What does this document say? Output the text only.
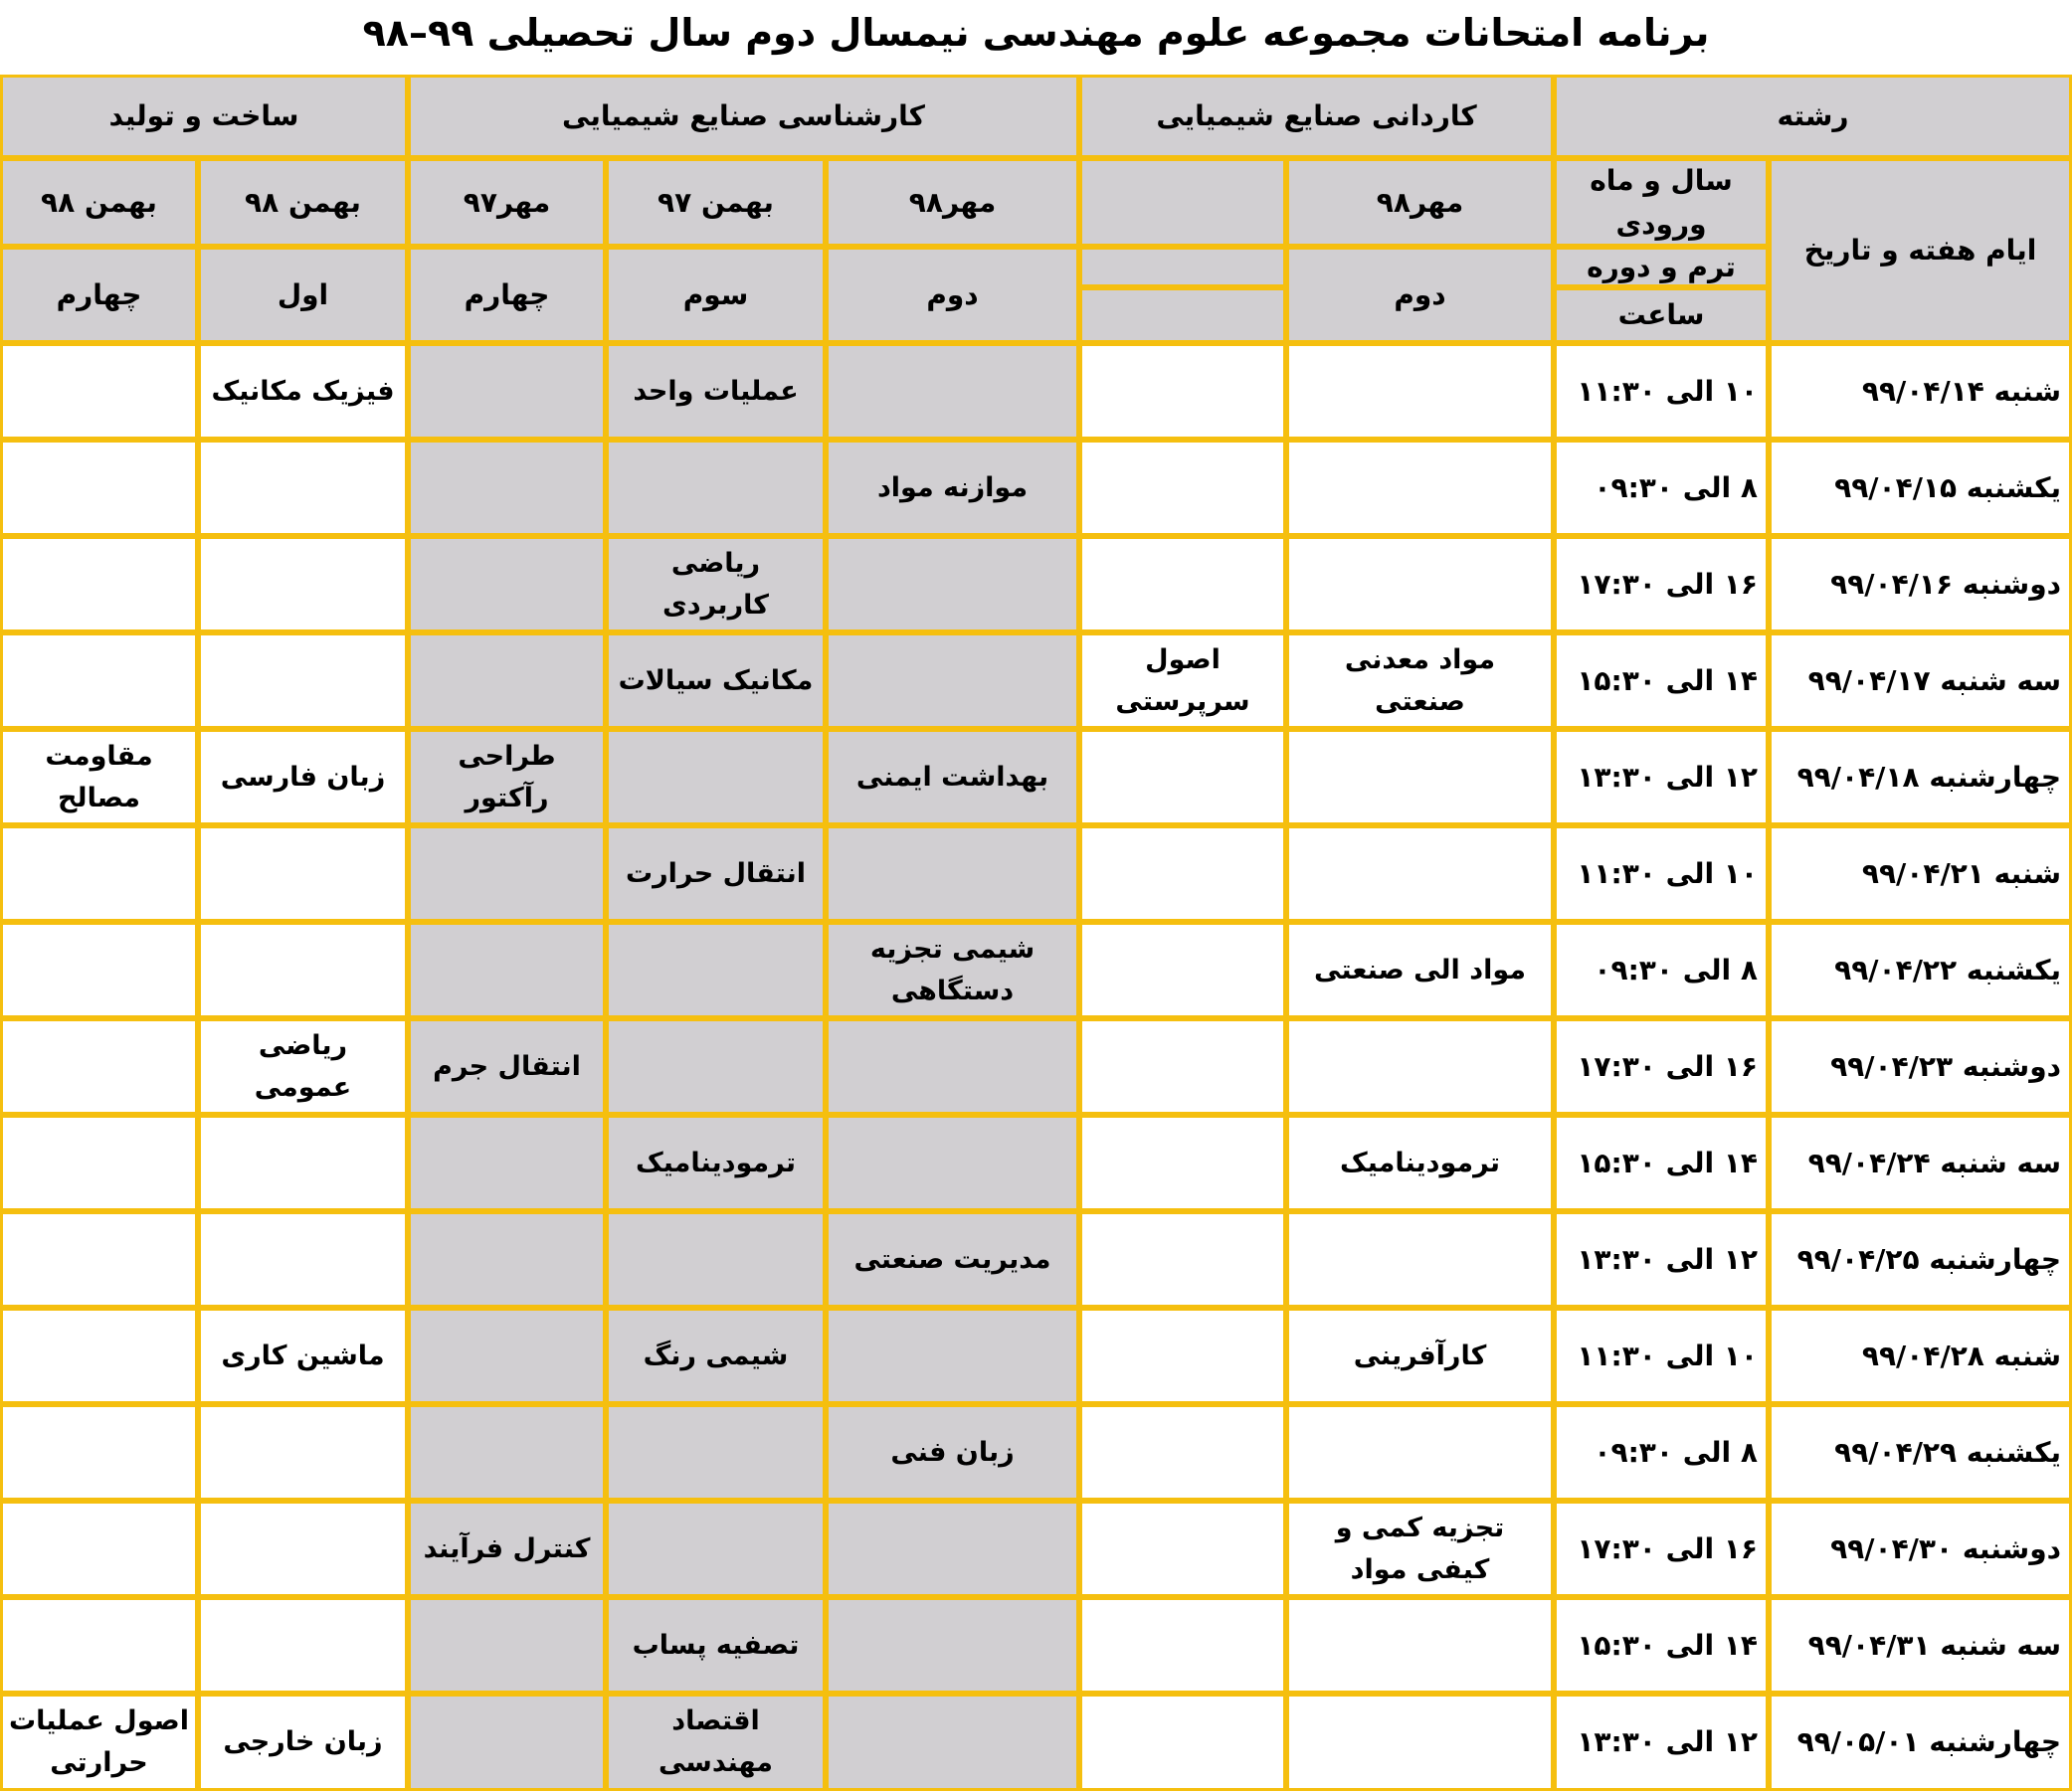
برنامه امتحانات مجموعه علوم مهندسی نیمسال دوم سال تحصیلی ۹۹–۹۸
رشته
کاردانی صنایع شیمیایی
کارشناسی صنایع شیمیایی
ساخت و تولید
ایام هفته و تاریخ
سال و ماه ورودی
ترم و دوره
ساعت
مهر۹۸
دوم
مهر۹۸
دوم
بهمن ۹۷
سوم
مهر۹۷
چهارم
بهمن ۹۸
اول
بهمن ۹۸
چهارم
شنبه ۹۹/۰۴/۱۴
۱۰ الی ۱۱:۳۰
عملیات واحد
فیزیک مکانیک
یکشنبه ۹۹/۰۴/۱۵
۸ الی ۰۹:۳۰
موازنه مواد
دوشنبه ۹۹/۰۴/۱۶
۱۶ الی ۱۷:۳۰
ریاضی کاربردی
سه شنبه ۹۹/۰۴/۱۷
۱۴ الی ۱۵:۳۰
مواد معدنی صنعتی
اصول سرپرستی
مکانیک سیالات
چهارشنبه ۹۹/۰۴/۱۸
۱۲ الی ۱۳:۳۰
بهداشت ایمنی
طراحی رآکتور
زبان فارسی
مقاومت مصالح
شنبه ۹۹/۰۴/۲۱
۱۰ الی ۱۱:۳۰
انتقال حرارت
یکشنبه ۹۹/۰۴/۲۲
۸ الی ۰۹:۳۰
مواد الی صنعتی
شیمی تجزیه دستگاهی
دوشنبه ۹۹/۰۴/۲۳
۱۶ الی ۱۷:۳۰
انتقال جرم
ریاضی عمومی
سه شنبه ۹۹/۰۴/۲۴
۱۴ الی ۱۵:۳۰
ترمودینامیک
ترمودینامیک
چهارشنبه ۹۹/۰۴/۲۵
۱۲ الی ۱۳:۳۰
مدیریت صنعتی
شنبه ۹۹/۰۴/۲۸
۱۰ الی ۱۱:۳۰
کارآفرینی
شیمی رنگ
ماشین کاری
یکشنبه ۹۹/۰۴/۲۹
۸ الی ۰۹:۳۰
زبان فنی
دوشنبه ۹۹/۰۴/۳۰
۱۶ الی ۱۷:۳۰
تجزیه کمی و کیفی مواد
کنترل فرآیند
سه شنبه ۹۹/۰۴/۳۱
۱۴ الی ۱۵:۳۰
تصفیه پساب
چهارشنبه ۹۹/۰۵/۰۱
۱۲ الی ۱۳:۳۰
اقتصاد مهندسی
زبان خارجی
اصول عملیات حرارتی
